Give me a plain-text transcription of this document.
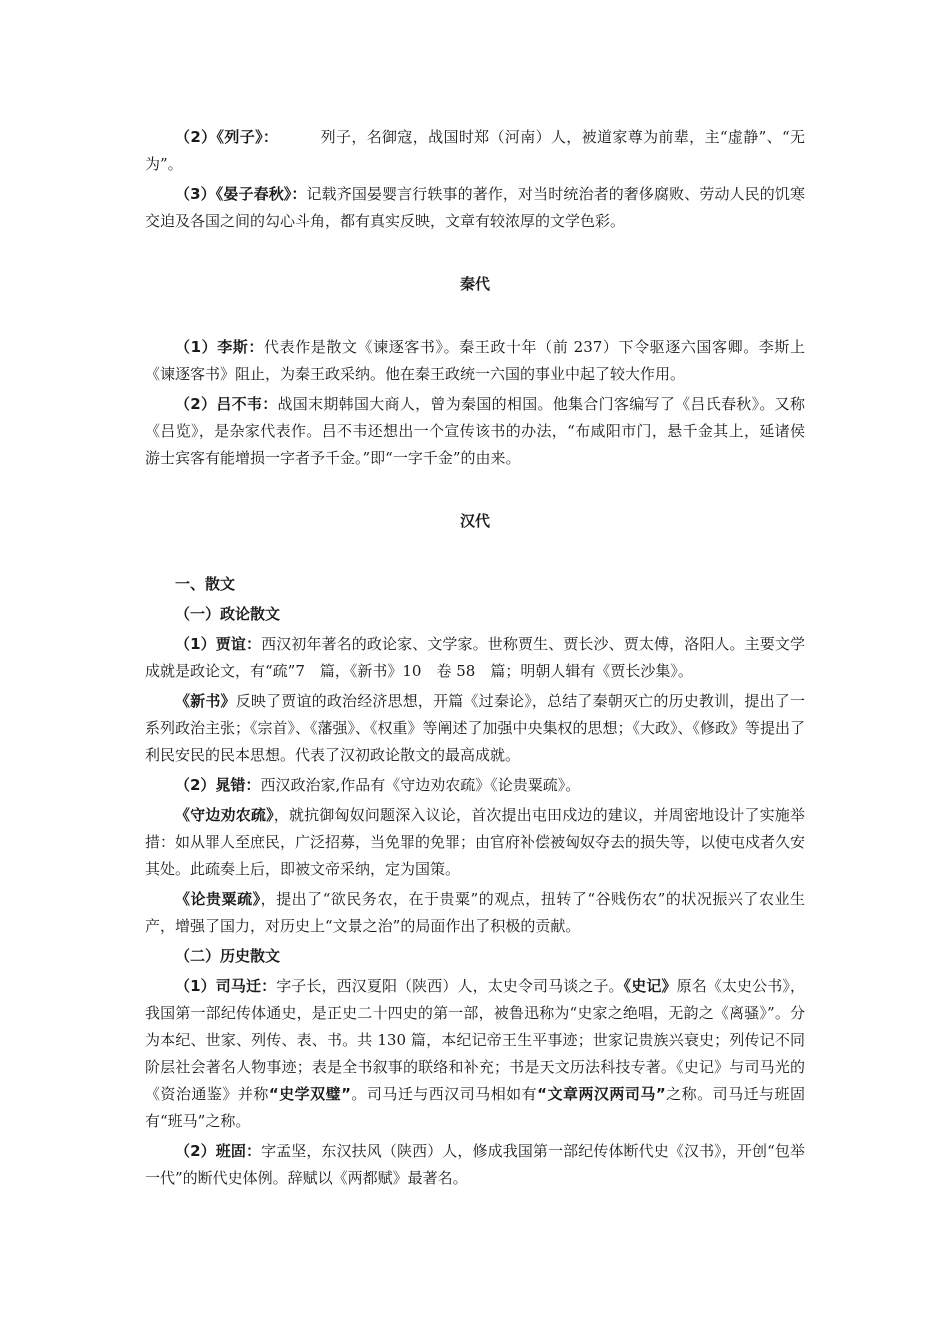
（2）《列子》：	列子，名御寇，战国时郑（河南）人，被道家尊为前辈，主“虚静”、“无为”。

（3）《晏子春秋》：记载齐国晏婴言行轶事的著作，对当时统治者的奢侈腐败、劳动人民的饥寒交迫及各国之间的勾心斗角，都有真实反映，文章有较浓厚的文学色彩。

秦代

（1）李斯：代表作是散文《谏逐客书》。秦王政十年（前 237）下令驱逐六国客卿。李斯上《谏逐客书》阻止，为秦王政采纳。他在秦王政统一六国的事业中起了较大作用。

（2）吕不韦：战国末期韩国大商人，曾为秦国的相国。他集合门客编写了《吕氏春秋》。又称《吕览》，是杂家代表作。吕不韦还想出一个宣传该书的办法，“布咸阳市门，悬千金其上，延诸侯游士宾客有能增损一字者予千金。”即“一字千金”的由来。

汉代

一、散文

（一）政论散文

（1）贾谊：西汉初年著名的政论家、文学家。世称贾生、贾长沙、贾太傅，洛阳人。主要文学成就是政论文，有“疏”7　篇，《新书》10　卷 58　篇；明朝人辑有《贾长沙集》。

《新书》反映了贾谊的政治经济思想，开篇《过秦论》，总结了秦朝灭亡的历史教训，提出了一系列政治主张；《宗首》、《藩强》、《权重》等阐述了加强中央集权的思想；《大政》、《修政》等提出了利民安民的民本思想。代表了汉初政论散文的最高成就。

（2）晁错：西汉政治家,作品有《守边劝农疏》《论贵粟疏》。

《守边劝农疏》，就抗御匈奴问题深入议论，首次提出屯田戍边的建议，并周密地设计了实施举措：如从罪人至庶民，广泛招募，当免罪的免罪；由官府补偿被匈奴夺去的损失等，以使屯戍者久安其处。此疏奏上后，即被文帝采纳，定为国策。

《论贵粟疏》，提出了“欲民务农，在于贵粟”的观点，扭转了“谷贱伤农”的状况振兴了农业生产，增强了国力，对历史上“文景之治”的局面作出了积极的贡献。

（二）历史散文

（1）司马迁：字子长，西汉夏阳（陕西）人，太史令司马谈之子。《史记》原名《太史公书》，我国第一部纪传体通史，是正史二十四史的第一部，被鲁迅称为“史家之绝唱，无韵之《离骚》”。分为本纪、世家、列传、表、书。共 130 篇，本纪记帝王生平事迹；世家记贵族兴衰史；列传记不同阶层社会著名人物事迹；表是全书叙事的联络和补充；书是天文历法科技专著。《史记》与司马光的《资治通鉴》并称“史学双璧”。司马迁与西汉司马相如有“文章两汉两司马”之称。司马迁与班固有“班马”之称。

（2）班固：字孟坚，东汉扶风（陕西）人，修成我国第一部纪传体断代史《汉书》，开创“包举一代”的断代史体例。辞赋以《两都赋》最著名。
